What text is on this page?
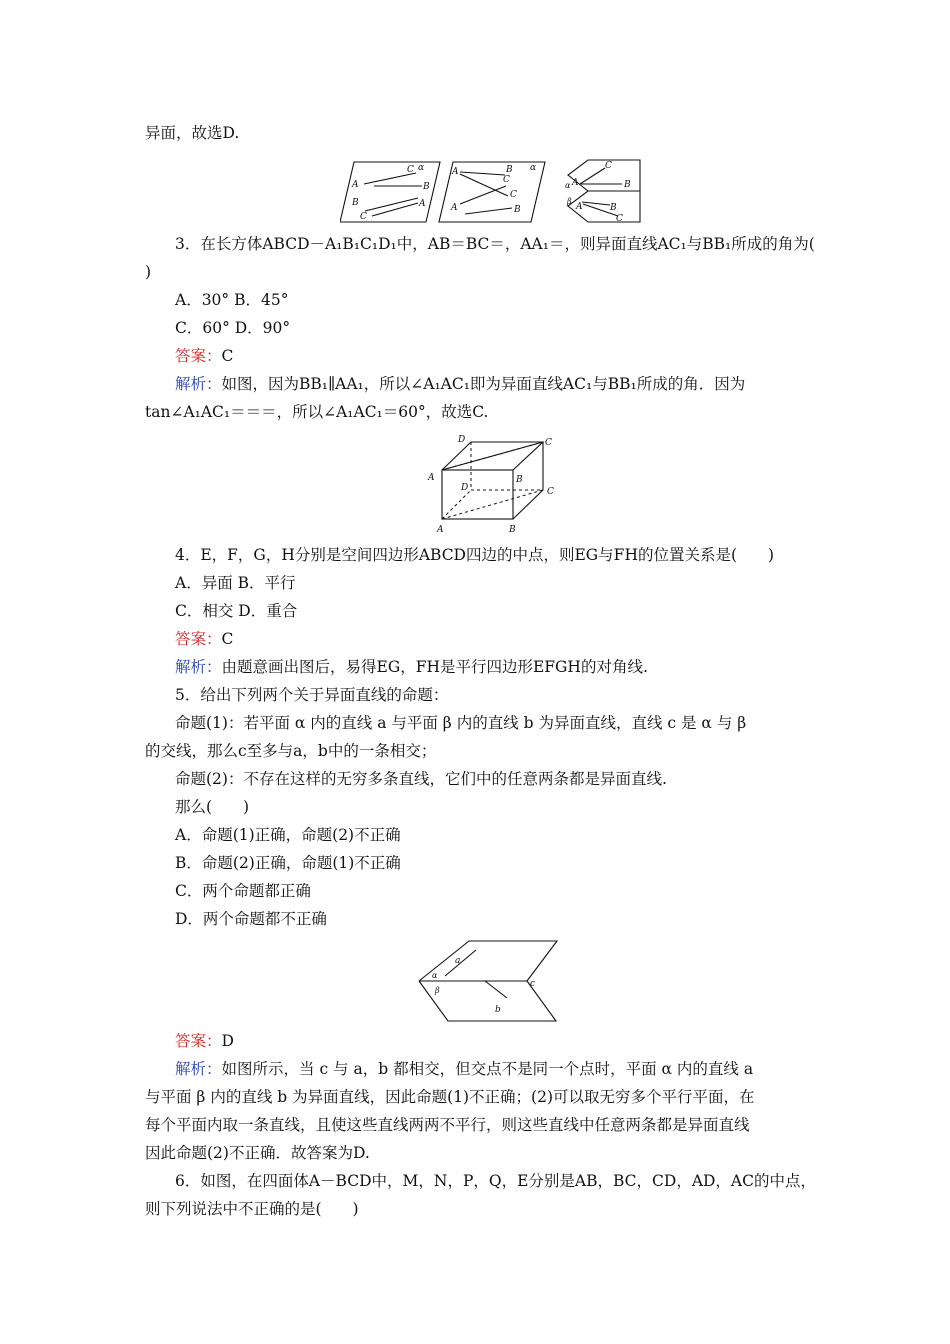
异面，故选D.
α
C
A	B
B
C
A
α
A	B
C
C
A	B
C
A	B
α
β
A	B
C
3．在长方体ABCD－A₁B₁C₁D₁中，AB＝BC＝，AA₁＝，则异面直线AC₁与BB₁所成的角为(
)
A．30° B．45°
C．60° D．90°
答案：C
解析：如图，因为BB₁∥AA₁，所以∠A₁AC₁即为异面直线AC₁与BB₁所成的角．因为
tan∠A₁AC₁＝＝＝，所以∠A₁AC₁＝60°，故选C.
D	C
A	B
D	C
A	B
4．E，F，G，H分别是空间四边形ABCD四边的中点，则EG与FH的位置关系是(　　)
A．异面 B．平行
C．相交 D．重合
答案：C
解析：由题意画出图后，易得EG，FH是平行四边形EFGH的对角线.
5．给出下列两个关于异面直线的命题：
命题(1)：若平面 α 内的直线 a 与平面 β 内的直线 b 为异面直线，直线 c 是 α 与 β
的交线，那么c至多与a，b中的一条相交；
命题(2)：不存在这样的无穷多条直线，它们中的任意两条都是异面直线.
那么(　　)
A．命题(1)正确，命题(2)不正确
B．命题(2)正确，命题(1)不正确
C．两个命题都正确
D．两个命题都不正确
a
α
β
c
b
答案：D
解析：如图所示，当 c 与 a，b 都相交，但交点不是同一个点时，平面 α 内的直线 a
与平面 β 内的直线 b 为异面直线，因此命题(1)不正确；(2)可以取无穷多个平行平面，在
每个平面内取一条直线，且使这些直线两两不平行，则这些直线中任意两条都是异面直线
因此命题(2)不正确．故答案为D.
6．如图，在四面体A－BCD中，M，N，P，Q，E分别是AB，BC，CD，AD，AC的中点，
则下列说法中不正确的是(　　)
